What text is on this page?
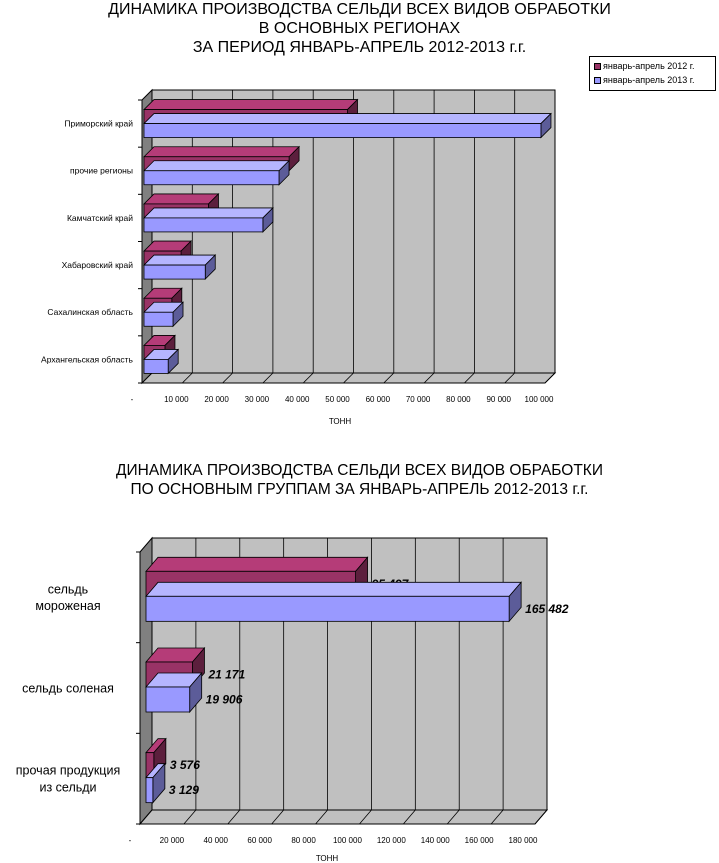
ДИНАМИКА ПРОИЗВОДСТВА СЕЛЬДИ ВСЕХ ВИДОВ ОБРАБОТКИ
В ОСНОВНЫХ РЕГИОНАХ
ЗА ПЕРИОД ЯНВАРЬ-АПРЕЛЬ 2012-2013 г.г.
ДИНАМИКА ПРОИЗВОДСТВА СЕЛЬДИ ВСЕХ ВИДОВ ОБРАБОТКИ
ПО ОСНОВНЫМ ГРУППАМ ЗА ЯНВАРЬ-АПРЕЛЬ 2012-2013 г.г.
январь-апрель 2012 г.
январь-апрель 2013 г.
-	10 000 20 000 30 000 40 000 50 000 60 000 70 000 80 000 90 000 100 000
ТОНН
Архангельская область
Сахалинская область
Хабаровский край
Камчатский край
прочие регионы
Приморский край
-	20 000 40 000 60 000 80 000 100 000 120 000 140 000 160 000 180 000
ТОНН
прочая продукция
из сельди
3 576
3 129
сельдь соленая
21 171
19 906
сельдь
мороженая	165 482
